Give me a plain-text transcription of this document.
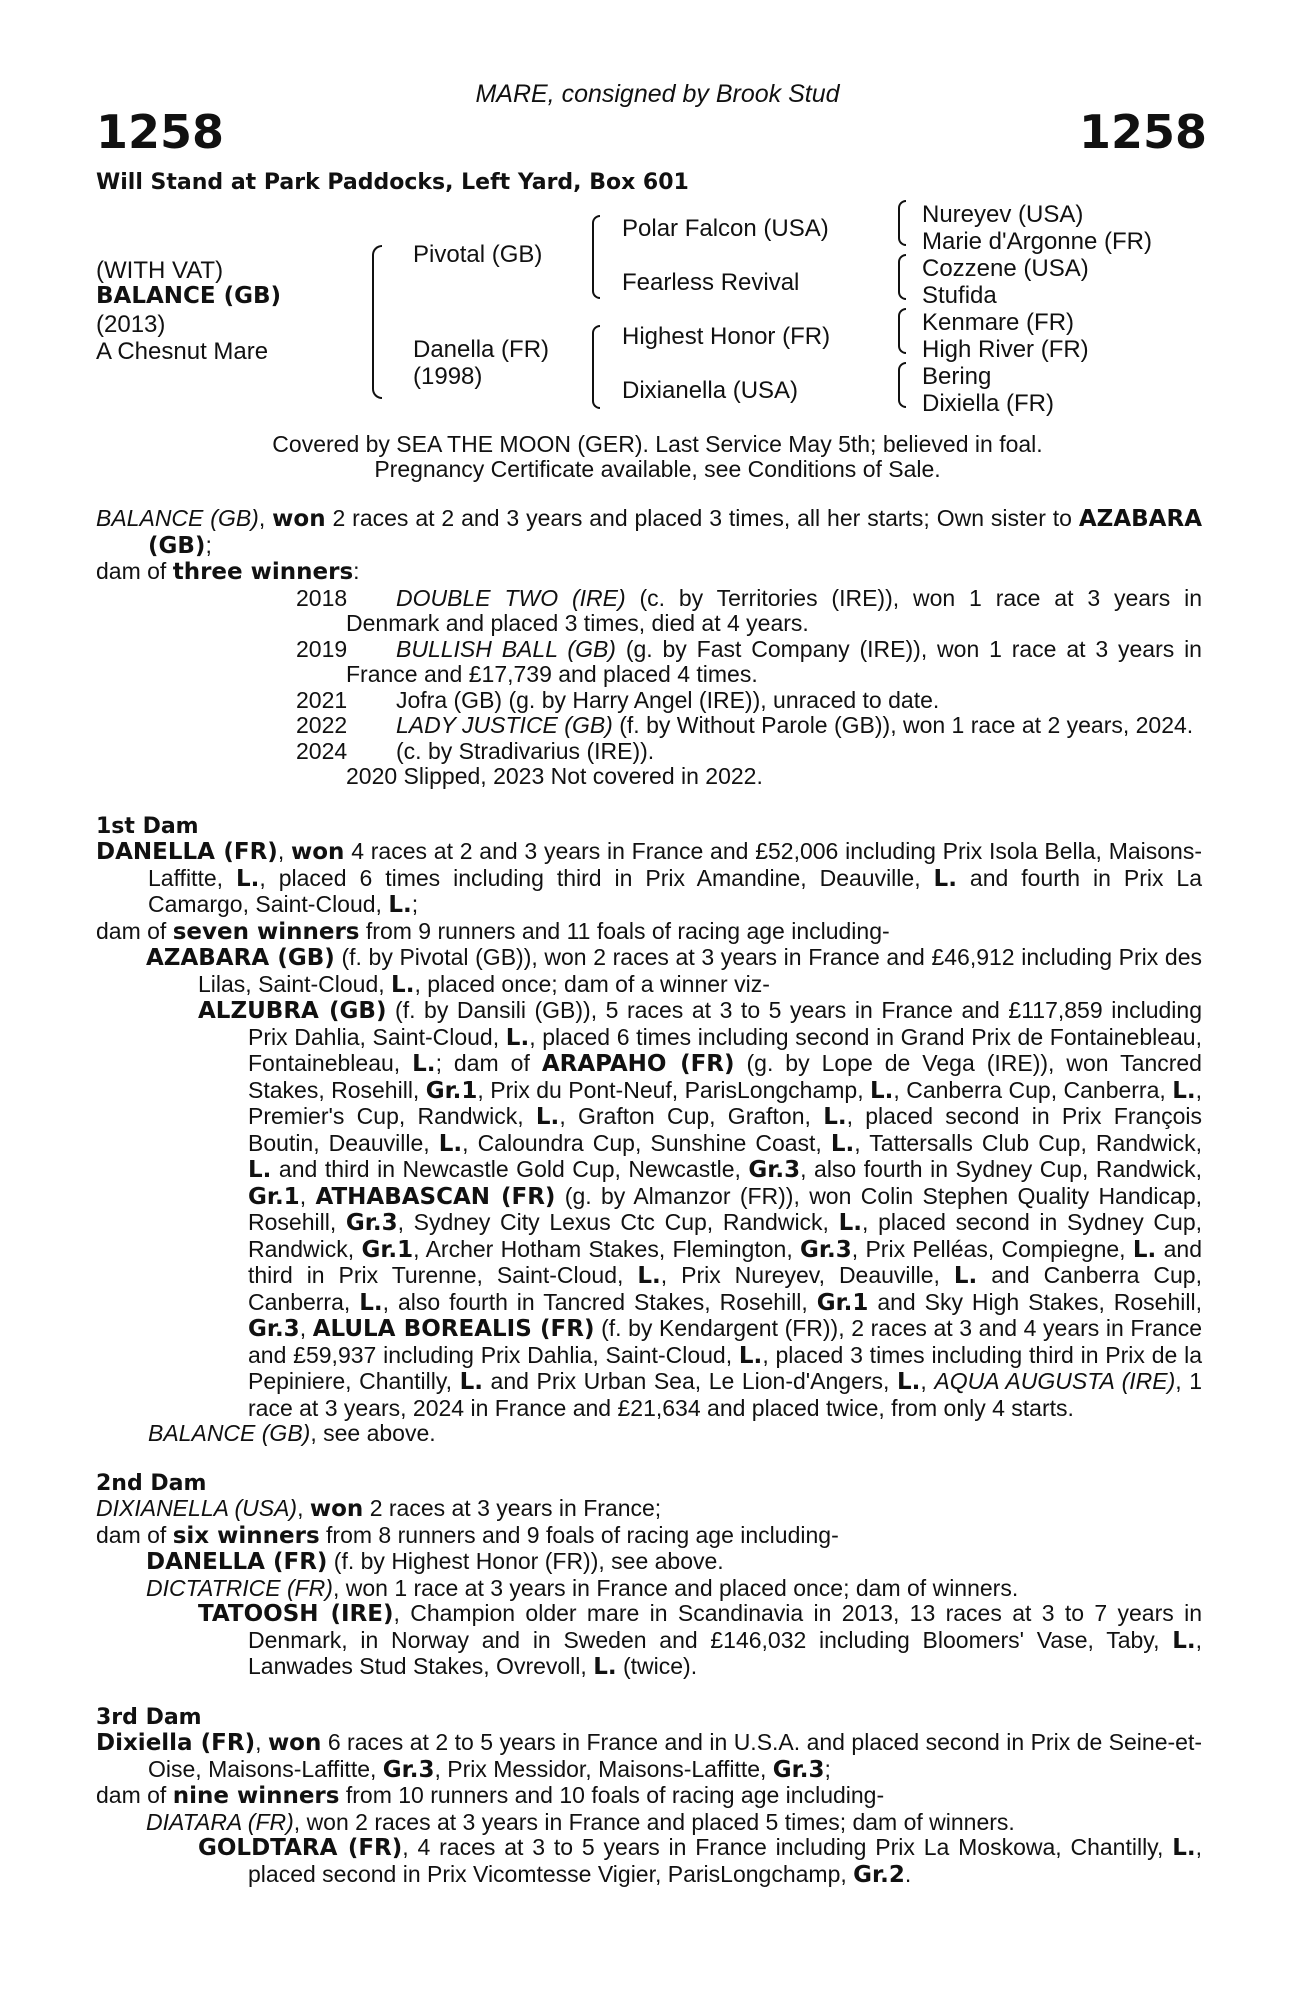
MARE, consigned by Brook Stud
1258	1258
Will Stand at Park Paddocks, Left Yard, Box 601
(WITH VAT)
BALANCE (GB)
(2013)
A Chesnut Mare
Pivotal (GB)
Danella (FR)
(1998)
Polar Falcon (USA)
Fearless Revival
Highest Honor (FR)
Dixianella (USA)
Nureyev (USA)
Marie d'Argonne (FR)
Cozzene (USA)
Stufida
Kenmare (FR)
High River (FR)
Bering
Dixiella (FR)
Covered by SEA THE MOON (GER). Last Service May 5th; believed in foal.
Pregnancy Certificate available, see Conditions of Sale.

BALANCE (GB), won 2 races at 2 and 3 years and placed 3 times, all her starts; Own sister to AZABARA (GB);

dam of three winners:

2018 DOUBLE TWO (IRE) (c. by Territories (IRE)), won 1 race at 3 years in Denmark and placed 3 times, died at 4 years.

2019 BULLISH BALL (GB) (g. by Fast Company (IRE)), won 1 race at 3 years in France and £17,739 and placed 4 times.

2021 Jofra (GB) (g. by Harry Angel (IRE)), unraced to date.

2022 LADY JUSTICE (GB) (f. by Without Parole (GB)), won 1 race at 2 years, 2024.

2024 (c. by Stradivarius (IRE)).

2020 Slipped, 2023 Not covered in 2022.

1st Dam

DANELLA (FR), won 4 races at 2 and 3 years in France and £52,006 including Prix Isola Bella, Maisons-Laffitte, L., placed 6 times including third in Prix Amandine, Deauville, L. and fourth in Prix La Camargo, Saint-Cloud, L.;

dam of seven winners from 9 runners and 11 foals of racing age including-

AZABARA (GB) (f. by Pivotal (GB)), won 2 races at 3 years in France and £46,912 including Prix des Lilas, Saint-Cloud, L., placed once; dam of a winner viz-

ALZUBRA (GB) (f. by Dansili (GB)), 5 races at 3 to 5 years in France and £117,859 including Prix Dahlia, Saint-Cloud, L., placed 6 times including second in Grand Prix de Fontainebleau, Fontainebleau, L.; dam of ARAPAHO (FR) (g. by Lope de Vega (IRE)), won Tancred Stakes, Rosehill, Gr.1, Prix du Pont-Neuf, ParisLongchamp, L., Canberra Cup, Canberra, L., Premier's Cup, Randwick, L., Grafton Cup, Grafton, L., placed second in Prix François Boutin, Deauville, L., Caloundra Cup, Sunshine Coast, L., Tattersalls Club Cup, Randwick, L. and third in Newcastle Gold Cup, Newcastle, Gr.3, also fourth in Sydney Cup, Randwick, Gr.1, ATHABASCAN (FR) (g. by Almanzor (FR)), won Colin Stephen Quality Handicap, Rosehill, Gr.3, Sydney City Lexus Ctc Cup, Randwick, L., placed second in Sydney Cup, Randwick, Gr.1, Archer Hotham Stakes, Flemington, Gr.3, Prix Pelléas, Compiegne, L. and third in Prix Turenne, Saint-Cloud, L., Prix Nureyev, Deauville, L. and Canberra Cup, Canberra, L., also fourth in Tancred Stakes, Rosehill, Gr.1 and Sky High Stakes, Rosehill, Gr.3, ALULA BOREALIS (FR) (f. by Kendargent (FR)), 2 races at 3 and 4 years in France and £59,937 including Prix Dahlia, Saint-Cloud, L., placed 3 times including third in Prix de la Pepiniere, Chantilly, L. and Prix Urban Sea, Le Lion-d'Angers, L., AQUA AUGUSTA (IRE), 1 race at 3 years, 2024 in France and £21,634 and placed twice, from only 4 starts.

BALANCE (GB), see above.

2nd Dam

DIXIANELLA (USA), won 2 races at 3 years in France;

dam of six winners from 8 runners and 9 foals of racing age including-

DANELLA (FR) (f. by Highest Honor (FR)), see above.

DICTATRICE (FR), won 1 race at 3 years in France and placed once; dam of winners.

TATOOSH (IRE), Champion older mare in Scandinavia in 2013, 13 races at 3 to 7 years in Denmark, in Norway and in Sweden and £146,032 including Bloomers' Vase, Taby, L., Lanwades Stud Stakes, Ovrevoll, L. (twice).

3rd Dam

Dixiella (FR), won 6 races at 2 to 5 years in France and in U.S.A. and placed second in Prix de Seine-et-Oise, Maisons-Laffitte, Gr.3, Prix Messidor, Maisons-Laffitte, Gr.3;

dam of nine winners from 10 runners and 10 foals of racing age including-

DIATARA (FR), won 2 races at 3 years in France and placed 5 times; dam of winners.

GOLDTARA (FR), 4 races at 3 to 5 years in France including Prix La Moskowa, Chantilly, L., placed second in Prix Vicomtesse Vigier, ParisLongchamp, Gr.2.
